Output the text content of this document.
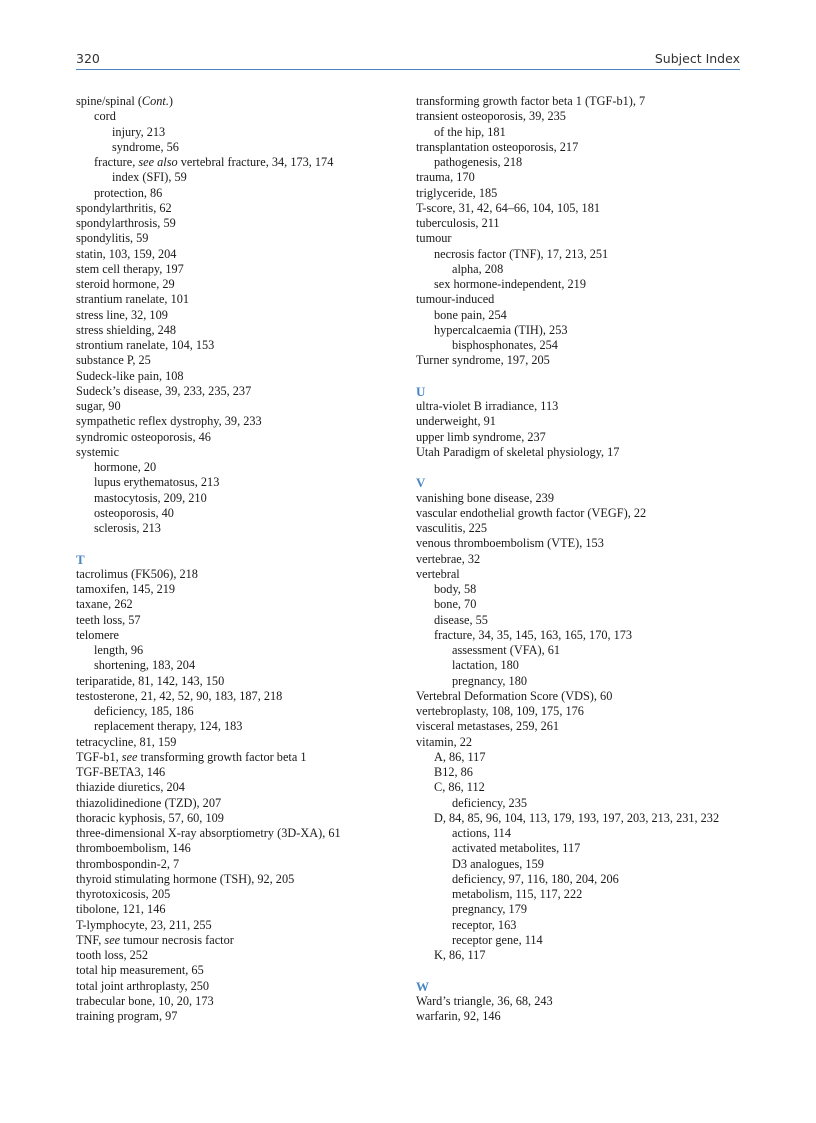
320	Subject Index
spine/spinal (Cont.)
cord
injury, 213
syndrome, 56
fracture, see also vertebral fracture, 34, 173, 174
index (SFI), 59
protection, 86
spondylarthritis, 62
spondylarthrosis, 59
spondylitis, 59
statin, 103, 159, 204
stem cell therapy, 197
steroid hormone, 29
strantium ranelate, 101
stress line, 32, 109
stress shielding, 248
strontium ranelate, 104, 153
substance P, 25
Sudeck-like pain, 108
Sudeck’s disease, 39, 233, 235, 237
sugar, 90
sympathetic reflex dystrophy, 39, 233
syndromic osteoporosis, 46
systemic
hormone, 20
lupus erythematosus, 213
mastocytosis, 209, 210
osteoporosis, 40
sclerosis, 213
T
tacrolimus (FK506), 218
tamoxifen, 145, 219
taxane, 262
teeth loss, 57
telomere
length, 96
shortening, 183, 204
teriparatide, 81, 142, 143, 150
testosterone, 21, 42, 52, 90, 183, 187, 218
deficiency, 185, 186
replacement therapy, 124, 183
tetracycline, 81, 159
TGF-b1, see transforming growth factor beta 1
TGF-BETA3, 146
thiazide diuretics, 204
thiazolidinedione (TZD), 207
thoracic kyphosis, 57, 60, 109
three-dimensional X-ray absorptiometry (3D-XA), 61
thromboembolism, 146
thrombospondin-2, 7
thyroid stimulating hormone (TSH), 92, 205
thyrotoxicosis, 205
tibolone, 121, 146
T-lymphocyte, 23, 211, 255
TNF, see tumour necrosis factor
tooth loss, 252
total hip measurement, 65
total joint arthroplasty, 250
trabecular bone, 10, 20, 173
training program, 97
transforming growth factor beta 1 (TGF-b1), 7
transient osteoporosis, 39, 235
of the hip, 181
transplantation osteoporosis, 217
pathogenesis, 218
trauma, 170
triglyceride, 185
T-score, 31, 42, 64–66, 104, 105, 181
tuberculosis, 211
tumour
necrosis factor (TNF), 17, 213, 251
alpha, 208
sex hormone-independent, 219
tumour-induced
bone pain, 254
hypercalcaemia (TIH), 253
bisphosphonates, 254
Turner syndrome, 197, 205
U
ultra-violet B irradiance, 113
underweight, 91
upper limb syndrome, 237
Utah Paradigm of skeletal physiology, 17
V
vanishing bone disease, 239
vascular endothelial growth factor (VEGF), 22
vasculitis, 225
venous thromboembolism (VTE), 153
vertebrae, 32
vertebral
body, 58
bone, 70
disease, 55
fracture, 34, 35, 145, 163, 165, 170, 173
assessment (VFA), 61
lactation, 180
pregnancy, 180
Vertebral Deformation Score (VDS), 60
vertebroplasty, 108, 109, 175, 176
visceral metastases, 259, 261
vitamin, 22
A, 86, 117
B12, 86
C, 86, 112
deficiency, 235
D, 84, 85, 96, 104, 113, 179, 193, 197, 203, 213, 231, 232
actions, 114
activated metabolites, 117
D3 analogues, 159
deficiency, 97, 116, 180, 204, 206
metabolism, 115, 117, 222
pregnancy, 179
receptor, 163
receptor gene, 114
K, 86, 117
W
Ward’s triangle, 36, 68, 243
warfarin, 92, 146
